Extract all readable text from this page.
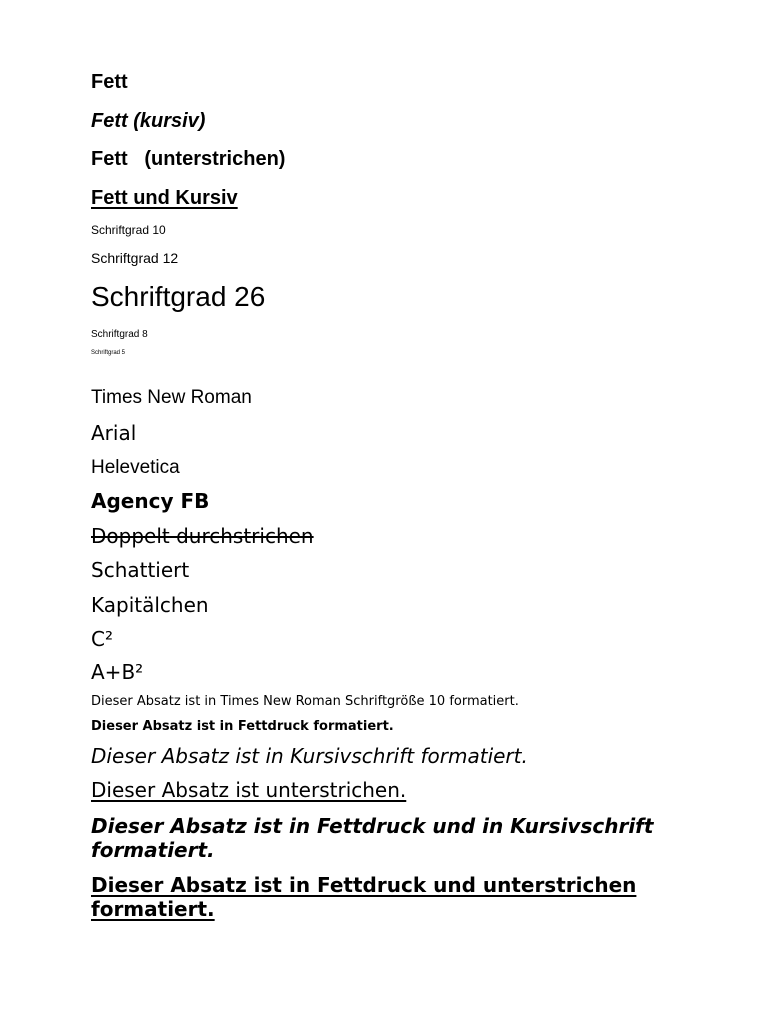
Fett
Fett (kursiv)
Fett   (unterstrichen)
Fett und Kursiv
Schriftgrad 10
Schriftgrad 12
Schriftgrad 26
Schriftgrad 8
Schriftgrad 5
Times New Roman
Arial
Helevetica
Agency FB
Doppelt durchstrichen
Schattiert
Kapitälchen
C²
A+B²
Dieser Absatz ist in Times New Roman Schriftgröße 10 formatiert.
Dieser Absatz ist in Fettdruck formatiert.
Dieser Absatz ist in Kursivschrift formatiert.
Dieser Absatz ist unterstrichen.
Dieser Absatz ist in Fettdruck und in Kursivschrift formatiert.
Dieser Absatz ist in Fettdruck und unterstrichen formatiert.
